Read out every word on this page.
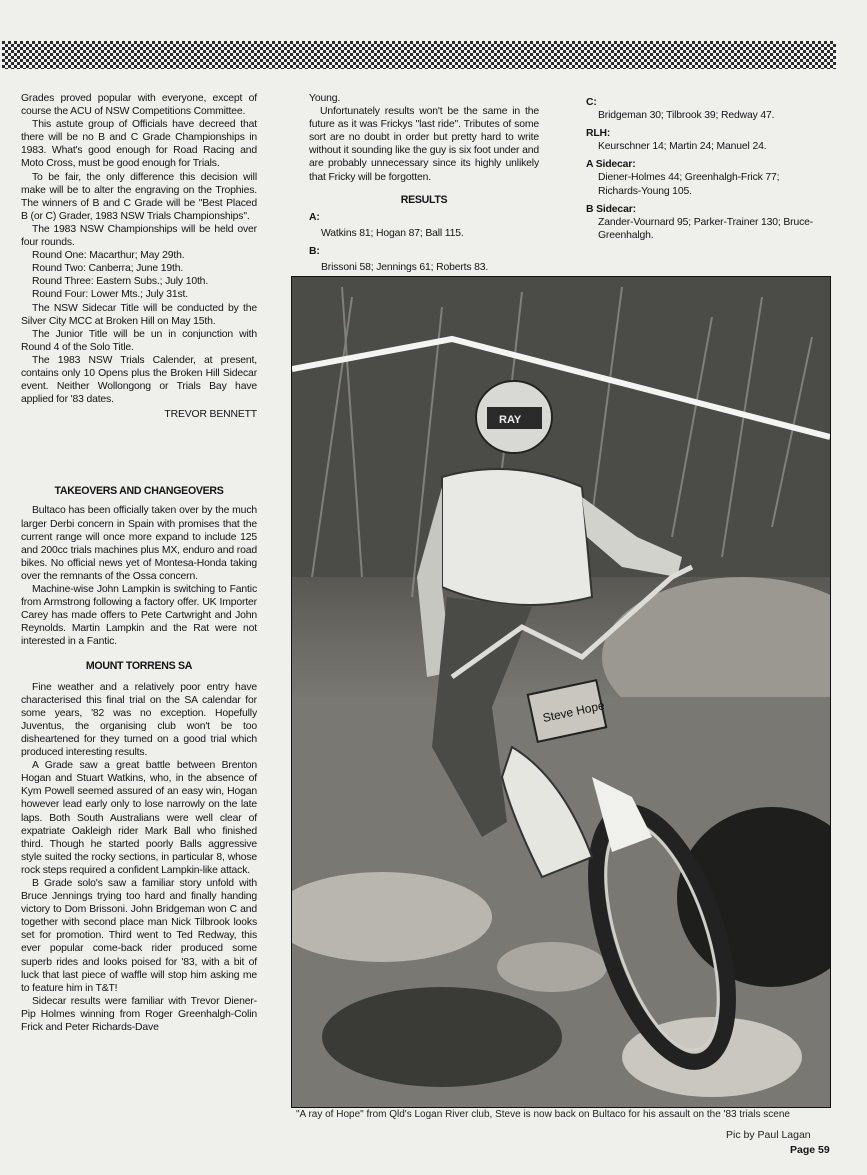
Grades proved popular with everyone, except of course the ACU of NSW Competitions Committee.

This astute group of Officials have decreed that there will be no B and C Grade Championships in 1983. What's good enough for Road Racing and Moto Cross, must be good enough for Trials.

To be fair, the only difference this decision will make will be to alter the engraving on the Trophies. The winners of B and C Grade will be "Best Placed B (or C) Grader, 1983 NSW Trials Championships".

The 1983 NSW Championships will be held over four rounds.

Round One: Macarthur; May 29th.

Round Two: Canberra; June 19th.

Round Three: Eastern Subs.; July 10th.

Round Four: Lower Mts.; July 31st.

The NSW Sidecar Title will be conducted by the Silver City MCC at Broken Hill on May 15th.

The Junior Title will be un in conjunction with Round 4 of the Solo Title.

The 1983 NSW Trials Calender, at present, contains only 10 Opens plus the Broken Hill Sidecar event. Neither Wollongong or Trials Bay have applied for '83 dates.

TREVOR BENNETT

TAKEOVERS AND CHANGEOVERS

Bultaco has been officially taken over by the much larger Derbi concern in Spain with promises that the current range will once more expand to include 125 and 200cc trials machines plus MX, enduro and road bikes. No official news yet of Montesa-Honda taking over the remnants of the Ossa concern.

Machine-wise John Lampkin is switching to Fantic from Armstrong following a factory offer. UK Importer Carey has made offers to Pete Cartwright and John Reynolds. Martin Lampkin and the Rat were not interested in a Fantic.

MOUNT TORRENS SA

Fine weather and a relatively poor entry have characterised this final trial on the SA calendar for some years, '82 was no exception. Hopefully Juventus, the organising club won't be too disheartened for they turned on a good trial which produced interesting results.

A Grade saw a great battle between Brenton Hogan and Stuart Watkins, who, in the absence of Kym Powell seemed assured of an easy win, Hogan however lead early only to lose narrowly on the late laps. Both South Australians were well clear of expatriate Oakleigh rider Mark Ball who finished third. Though he started poorly Balls aggressive style suited the rocky sections, in particular 8, whose rock steps required a confident Lampkin-like attack.

B Grade solo's saw a familiar story unfold with Bruce Jennings trying too hard and finally handing victory to Dom Brissoni. John Bridgeman won C and together with second place man Nick Tilbrook looks set for promotion. Third went to Ted Redway, this ever popular come-back rider produced some superb rides and looks poised for '83, with a bit of luck that last piece of waffle will stop him asking me to feature him in T&T!

Sidecar results were familiar with Trevor Diener-Pip Holmes winning from Roger Greenhalgh-Colin Frick and Peter Richards-Dave

Young.

Unfortunately results won't be the same in the future as it was Frickys "last ride". Tributes of some sort are no doubt in order but pretty hard to write without it sounding like the guy is six foot under and are probably unnecessary since its highly unlikely that Fricky will be forgotten.

RESULTS
A:
Watkins 81; Hogan 87; Ball 115.
B:
Brissoni 58; Jennings 61; Roberts 83.
C:
Bridgeman 30; Tilbrook 39; Redway 47.
RLH:
Keurschner 14; Martin 24; Manuel 24.
A Sidecar:
Diener-Holmes 44; Greenhalgh-Frick 77; Richards-Young 105.
B Sidecar:
Zander-Vournard 95; Parker-Trainer 130; Bruce-Greenhalgh.
RAY
Steve Hope
"A ray of Hope" from Qld's Logan River club, Steve is now back on Bultaco for his assault on the '83 trials scene
Pic by Paul Lagan
Page 59
